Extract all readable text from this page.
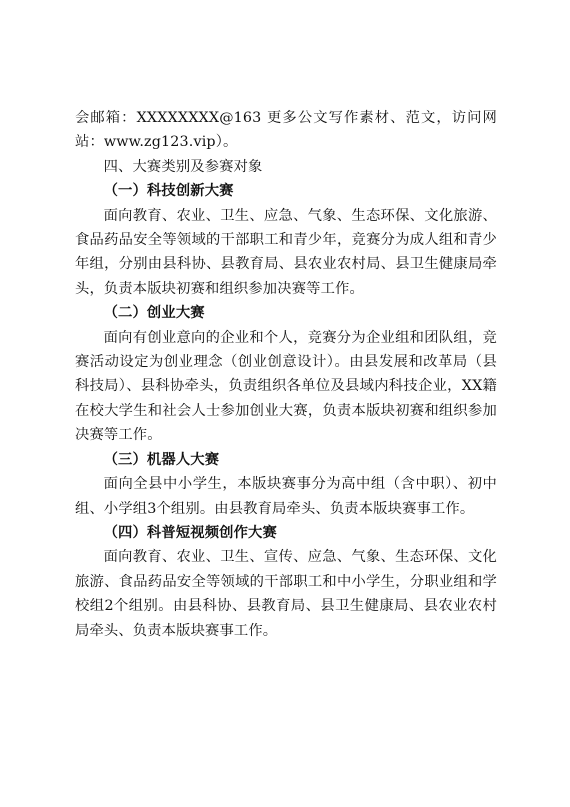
会邮箱：XXXXXXXX@163 更多公文写作素材、范文，访问网站：www.zg123.vip）。

四、大赛类别及参赛对象

（一）科技创新大赛

面向教育、农业、卫生、应急、气象、生态环保、文化旅游、食品药品安全等领域的干部职工和青少年，竞赛分为成人组和青少年组，分别由县科协、县教育局、县农业农村局、县卫生健康局牵头，负责本版块初赛和组织参加决赛等工作。

（二）创业大赛

面向有创业意向的企业和个人，竞赛分为企业组和团队组，竞赛活动设定为创业理念（创业创意设计）。由县发展和改革局（县科技局）、县科协牵头，负责组织各单位及县域内科技企业，XX籍在校大学生和社会人士参加创业大赛，负责本版块初赛和组织参加决赛等工作。

（三）机器人大赛

面向全县中小学生，本版块赛事分为高中组（含中职）、初中组、小学组3个组别。由县教育局牵头、负责本版块赛事工作。

（四）科普短视频创作大赛

面向教育、农业、卫生、宣传、应急、气象、生态环保、文化旅游、食品药品安全等领域的干部职工和中小学生，分职业组和学校组2个组别。由县科协、县教育局、县卫生健康局、县农业农村局牵头、负责本版块赛事工作。
